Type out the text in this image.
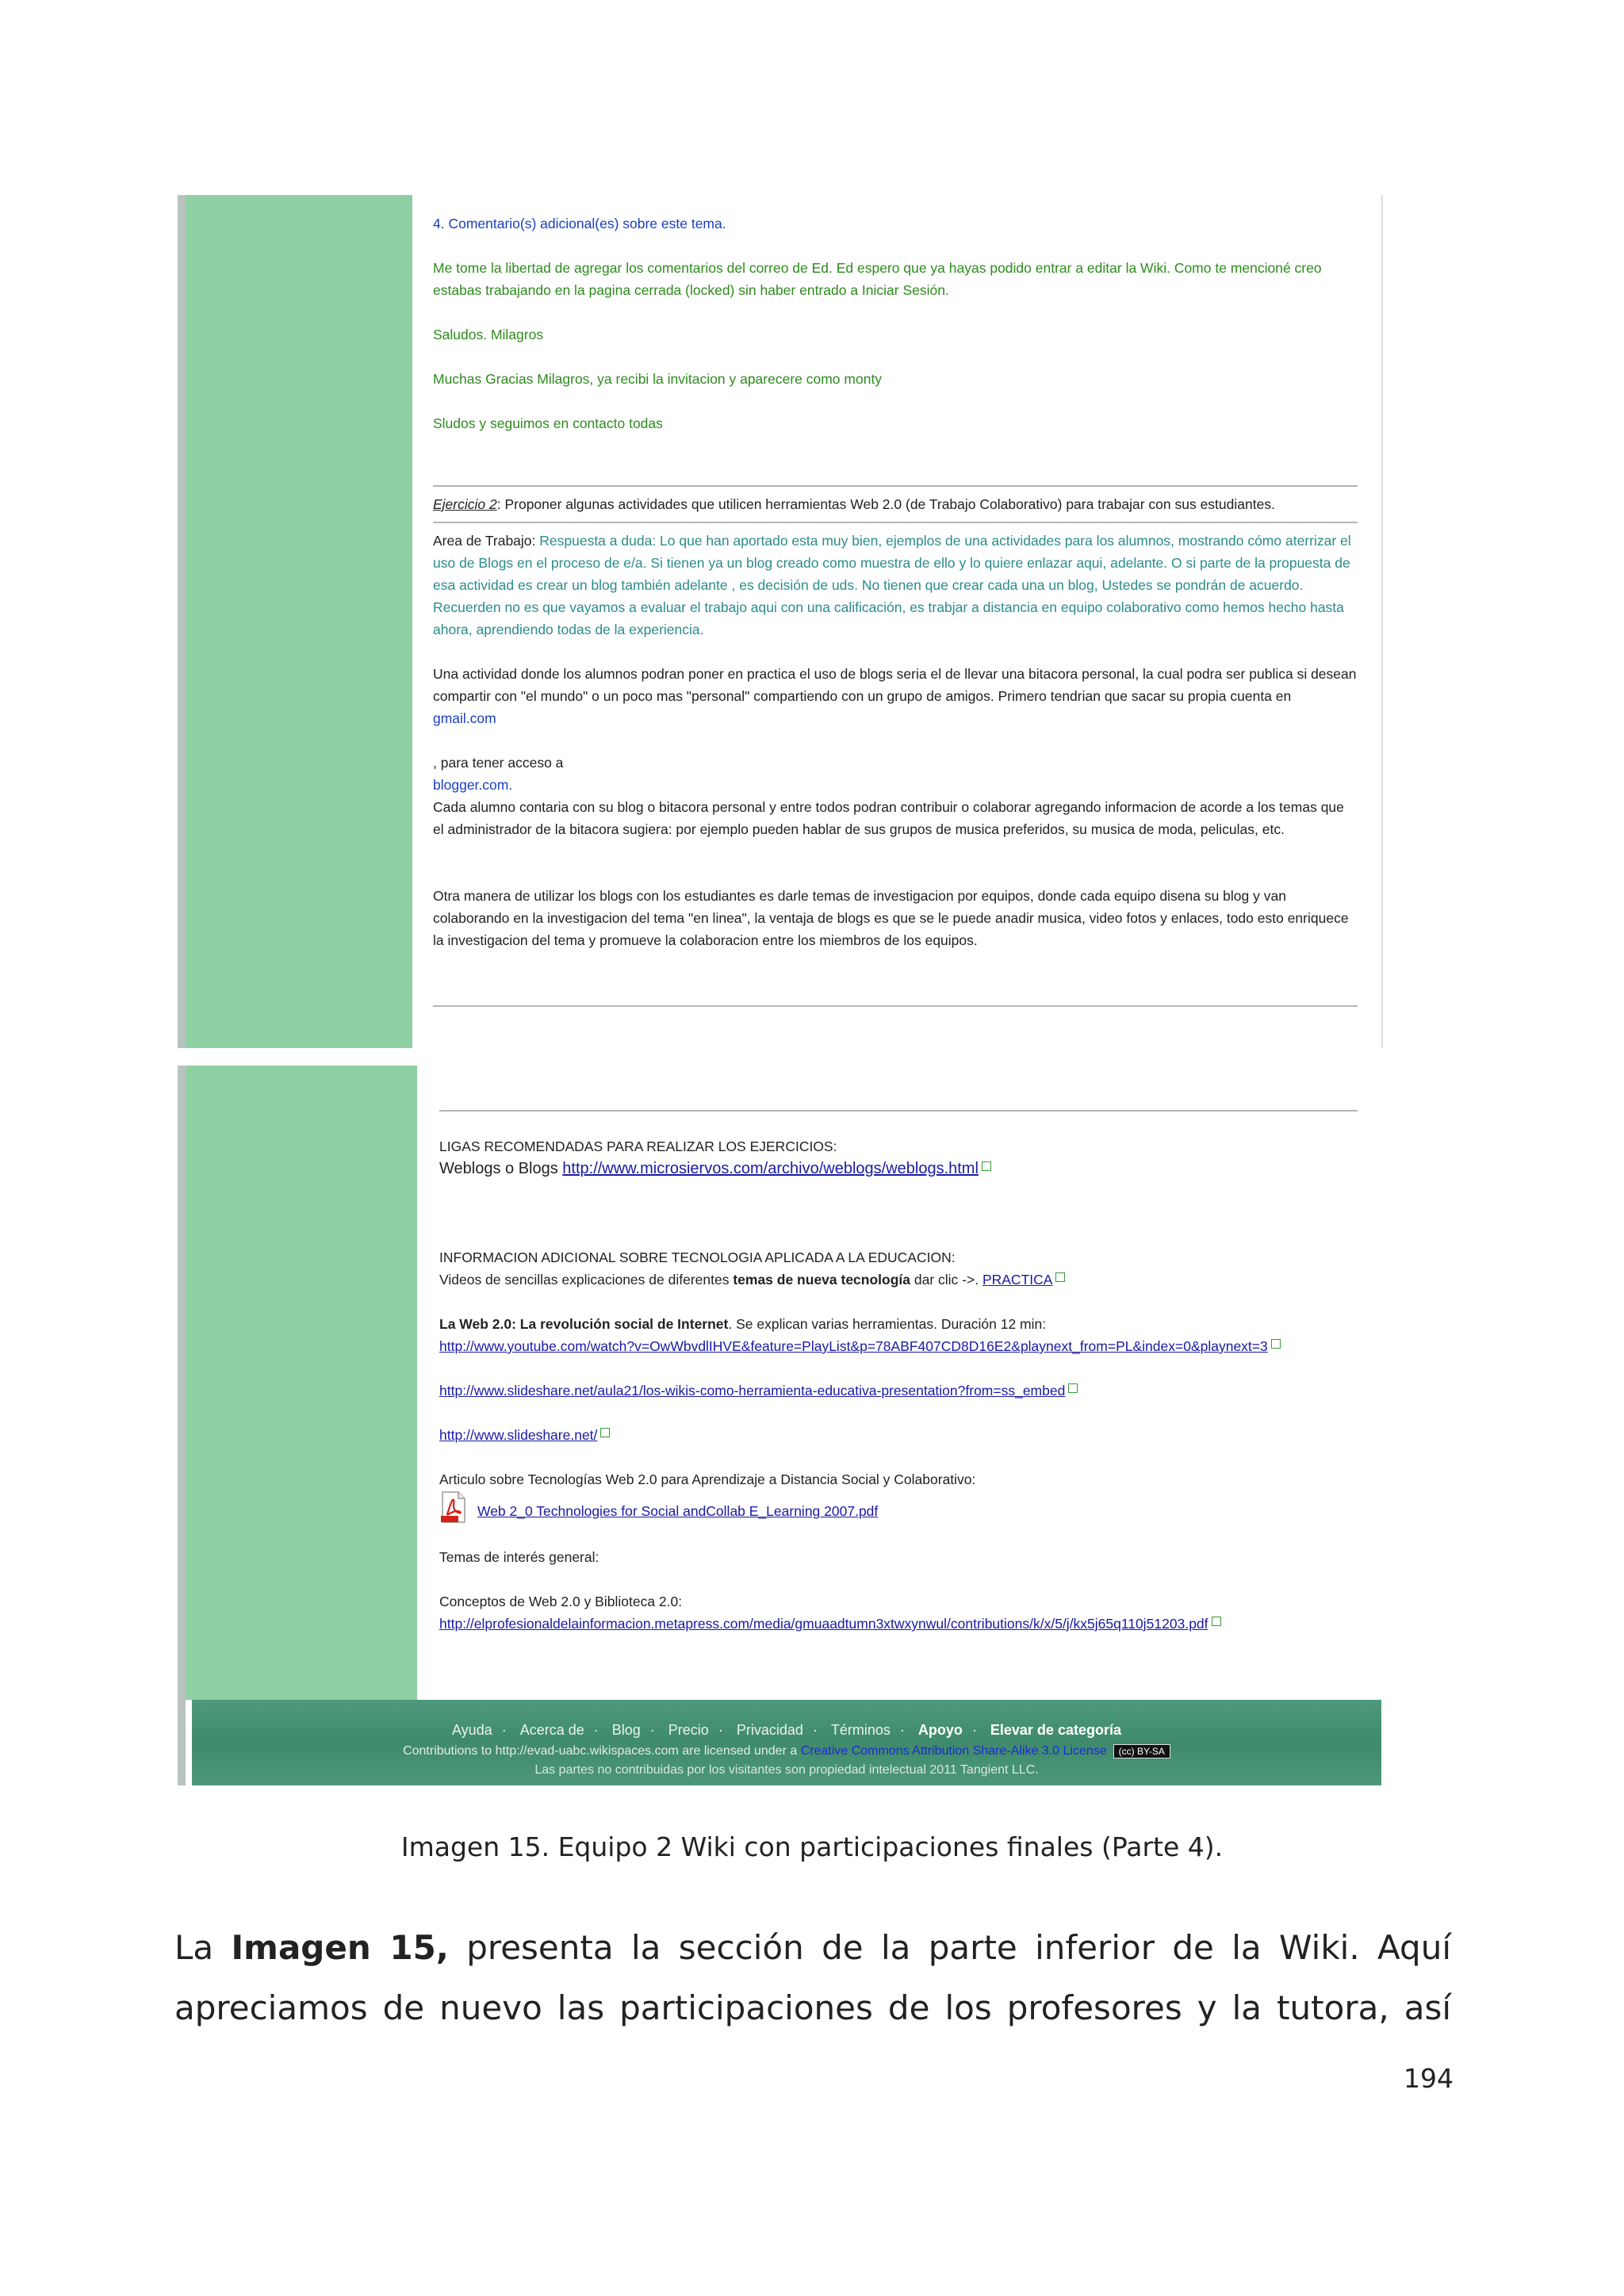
4. Comentario(s) adicional(es) sobre este tema.

Me tome la libertad de agregar los comentarios del correo de Ed. Ed espero que ya hayas podido entrar a editar la Wiki. Como te mencioné creo estabas trabajando en la pagina cerrada (locked) sin haber entrado a Iniciar Sesión.

Saludos. Milagros

Muchas Gracias Milagros, ya recibi la invitacion y aparecere como monty

Sludos y seguimos en contacto todas

Ejercicio 2: Proponer algunas actividades que utilicen herramientas Web 2.0 (de Trabajo Colaborativo) para trabajar con sus estudiantes.

Area de Trabajo: Respuesta a duda: Lo que han aportado esta muy bien, ejemplos de una actividades para los alumnos, mostrando cómo aterrizar el uso de Blogs en el proceso de e/a. Si tienen ya un blog creado como muestra de ello y lo quiere enlazar aqui, adelante. O si parte de la propuesta de esa actividad es crear un blog también adelante , es decisión de uds. No tienen que crear cada una un blog, Ustedes se pondrán de acuerdo. Recuerden no es que vayamos a evaluar el trabajo aqui con una calificación, es trabjar a distancia en equipo colaborativo como hemos hecho hasta ahora, aprendiendo todas de la experiencia.

Una actividad donde los alumnos podran poner en practica el uso de blogs seria el de llevar una bitacora personal, la cual podra ser publica si desean compartir con "el mundo" o un poco mas "personal" compartiendo con un grupo de amigos. Primero tendrian que sacar su propia cuenta en

gmail.com

, para tener acceso a

blogger.com.

Cada alumno contaria con su blog o bitacora personal y entre todos podran contribuir o colaborar agregando informacion de acorde a los temas que el administrador de la bitacora sugiera: por ejemplo pueden hablar de sus grupos de musica preferidos, su musica de moda, peliculas, etc.

Otra manera de utilizar los blogs con los estudiantes es darle temas de investigacion por equipos, donde cada equipo disena su blog y van colaborando en la investigacion del tema "en linea", la ventaja de blogs es que se le puede anadir musica, video fotos y enlaces, todo esto enriquece la investigacion del tema y promueve la colaboracion entre los miembros de los equipos.

LIGAS RECOMENDADAS PARA REALIZAR LOS EJERCICIOS:

Weblogs o Blogs http://www.microsiervos.com/archivo/weblogs/weblogs.html

INFORMACION ADICIONAL SOBRE TECNOLOGIA APLICADA A LA EDUCACION:

Videos de sencillas explicaciones de diferentes temas de nueva tecnología dar clic ->. PRACTICA

La Web 2.0: La revolución social de Internet. Se explican varias herramientas. Duración 12 min:

http://www.youtube.com/watch?v=OwWbvdlIHVE&feature=PlayList&p=78ABF407CD8D16E2&playnext_from=PL&index=0&playnext=3

http://www.slideshare.net/aula21/los-wikis-como-herramienta-educativa-presentation?from=ss_embed

http://www.slideshare.net/

Articulo sobre Tecnologías Web 2.0 para Aprendizaje a Distancia Social y Colaborativo:

Web 2_0 Technologies for Social andCollab E_Learning 2007.pdf

Temas de interés general:

Conceptos de Web 2.0 y Biblioteca 2.0:

http://elprofesionaldelainformacion.metapress.com/media/gmuaadtumn3xtwxynwul/contributions/k/x/5/j/kx5j65q110j51203.pdf

Ayuda · Acerca de · Blog · Precio · Privacidad · Términos · Apoyo · Elevar de categoría
Contributions to http://evad-uabc.wikispaces.com are licensed under a Creative Commons Attribution Share-Alike 3.0 License (cc) BY-SA
Las partes no contribuidas por los visitantes son propiedad intelectual 2011 Tangient LLC.
Imagen 15. Equipo 2 Wiki con participaciones finales (Parte 4).
La Imagen 15, presenta la sección de la parte inferior de la Wiki. Aquí
apreciamos de nuevo las participaciones de los profesores y la tutora, así
194
